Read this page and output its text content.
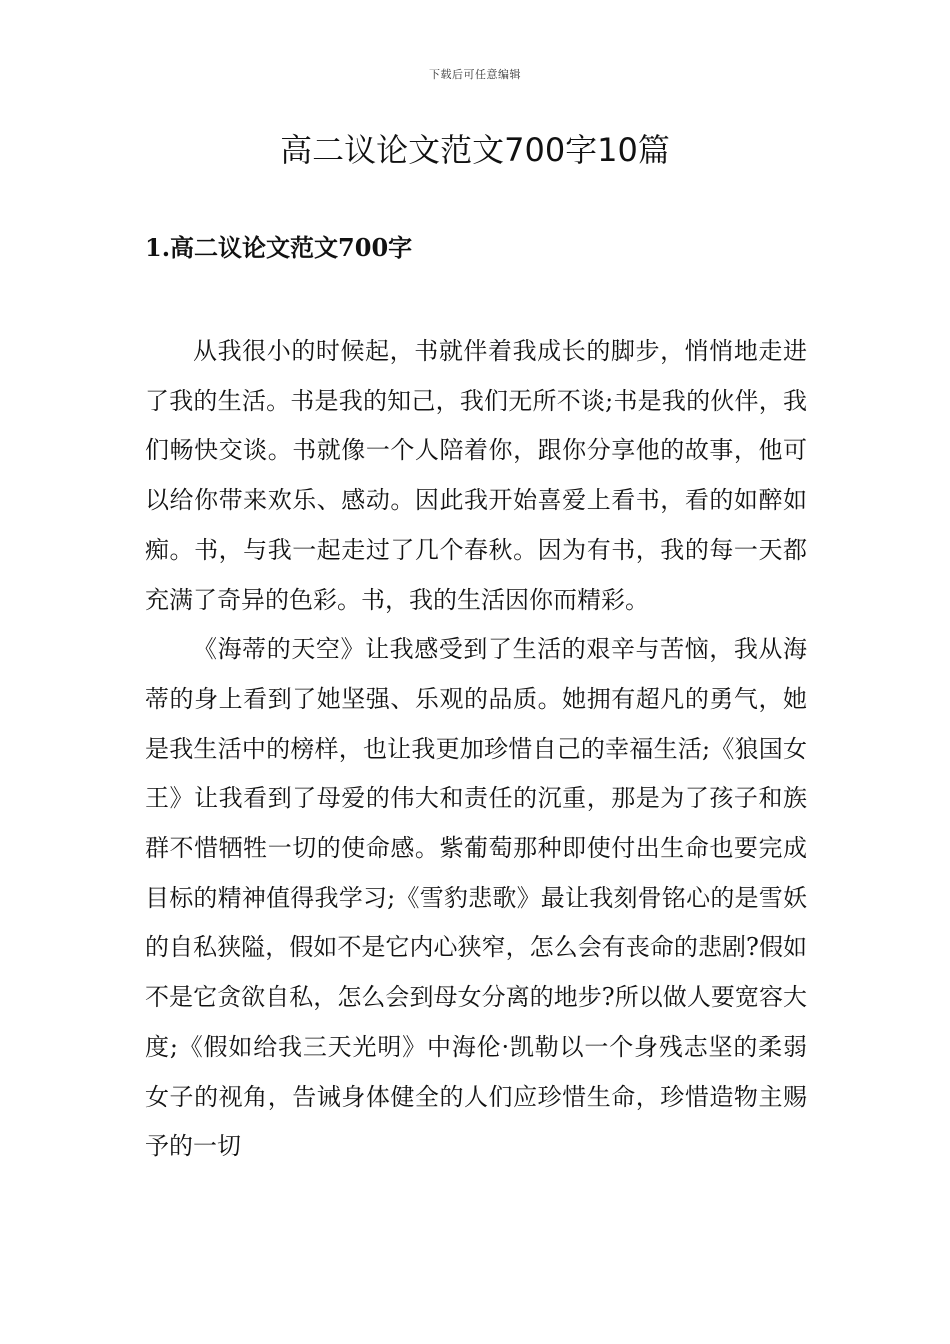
下载后可任意编辑
高二议论文范文700字10篇
1.高二议论文范文700字

从我很小的时候起，书就伴着我成长的脚步，悄悄地走进了我的生活。书是我的知己，我们无所不谈;书是我的伙伴，我们畅快交谈。书就像一个人陪着你，跟你分享他的故事，他可以给你带来欢乐、感动。因此我开始喜爱上看书，看的如醉如痴。书，与我一起走过了几个春秋。因为有书，我的每一天都充满了奇异的色彩。书，我的生活因你而精彩。

《海蒂的天空》让我感受到了生活的艰辛与苦恼，我从海蒂的身上看到了她坚强、乐观的品质。她拥有超凡的勇气，她是我生活中的榜样，也让我更加珍惜自己的幸福生活;《狼国女王》让我看到了母爱的伟大和责任的沉重，那是为了孩子和族群不惜牺牲一切的使命感。紫葡萄那种即使付出生命也要完成目标的精神值得我学习;《雪豹悲歌》最让我刻骨铭心的是雪妖的自私狭隘，假如不是它内心狭窄，怎么会有丧命的悲剧?假如不是它贪欲自私，怎么会到母女分离的地步?所以做人要宽容大度;《假如给我三天光明》中海伦·凯勒以一个身残志坚的柔弱女子的视角，告诫身体健全的人们应珍惜生命，珍惜造物主赐予的一切
